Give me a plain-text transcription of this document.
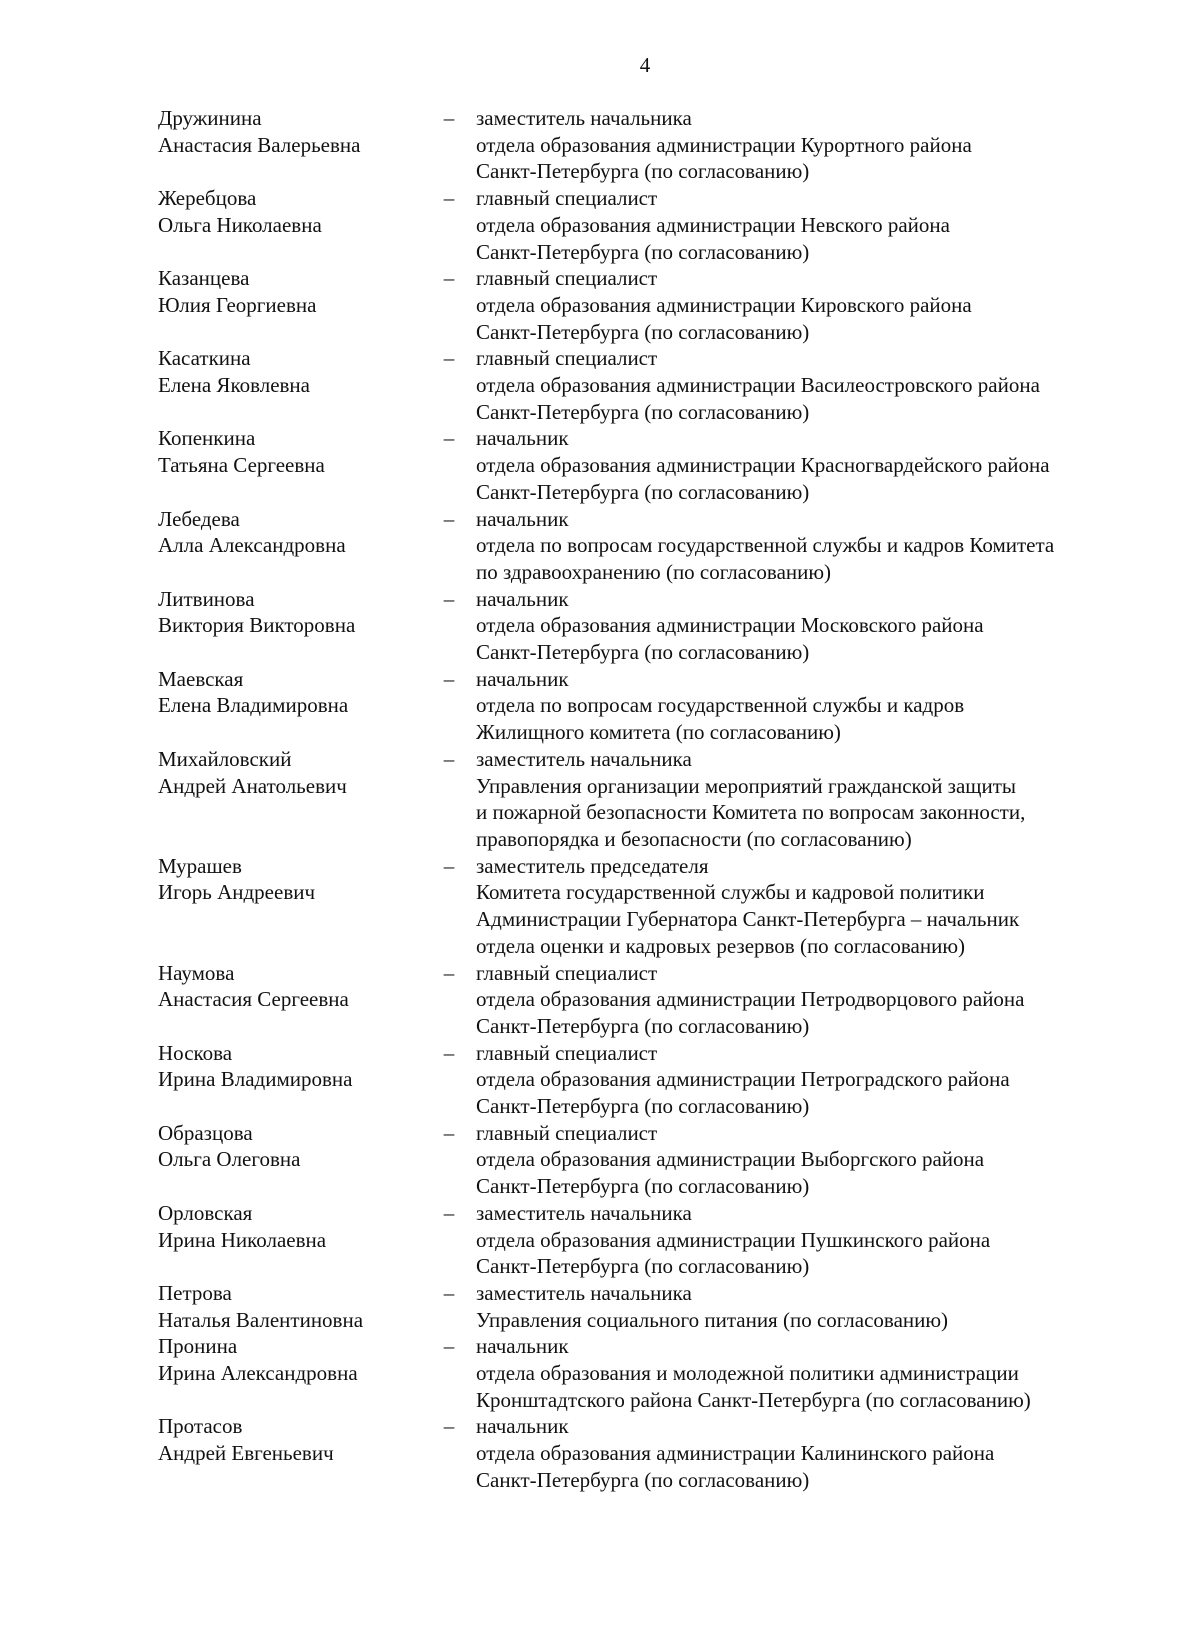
4
Дружинина
Анастасия Валерьевна
– заместитель начальника
отдела образования администрации Курортного района
Санкт-Петербурга (по согласованию)
Жеребцова
Ольга Николаевна
– главный специалист
отдела образования администрации Невского района
Санкт-Петербурга (по согласованию)
Казанцева
Юлия Георгиевна
– главный специалист
отдела образования администрации Кировского района
Санкт-Петербурга (по согласованию)
Касаткина
Елена Яковлевна
– главный специалист
отдела образования администрации Василеостровского района
Санкт-Петербурга (по согласованию)
Копенкина
Татьяна Сергеевна
– начальник
отдела образования администрации Красногвардейского района
Санкт-Петербурга (по согласованию)
Лебедева
Алла Александровна
– начальник
отдела по вопросам государственной службы и кадров Комитета
по здравоохранению (по согласованию)
Литвинова
Виктория Викторовна
– начальник
отдела образования администрации Московского района
Санкт-Петербурга (по согласованию)
Маевская
Елена Владимировна
– начальник
отдела по вопросам государственной службы и кадров
Жилищного комитета (по согласованию)
Михайловский
Андрей Анатольевич
– заместитель начальника
Управления организации мероприятий гражданской защиты
и пожарной безопасности Комитета по вопросам законности,
правопорядка и безопасности (по согласованию)
Мурашев
Игорь Андреевич
– заместитель председателя
Комитета государственной службы и кадровой политики
Администрации Губернатора Санкт-Петербурга – начальник
отдела оценки и кадровых резервов (по согласованию)
Наумова
Анастасия Сергеевна
– главный специалист
отдела образования администрации Петродворцового района
Санкт-Петербурга (по согласованию)
Носкова
Ирина Владимировна
– главный специалист
отдела образования администрации Петроградского района
Санкт-Петербурга (по согласованию)
Образцова
Ольга Олеговна
– главный специалист
отдела образования администрации Выборгского района
Санкт-Петербурга (по согласованию)
Орловская
Ирина Николаевна
– заместитель начальника
отдела образования администрации Пушкинского района
Санкт-Петербурга (по согласованию)
Петрова
Наталья Валентиновна
– заместитель начальника
Управления социального питания (по согласованию)
Пронина
Ирина Александровна
– начальник
отдела образования и молодежной политики администрации
Кронштадтского района Санкт-Петербурга (по согласованию)
Протасов
Андрей Евгеньевич
– начальник
отдела образования администрации Калининского района
Санкт-Петербурга (по согласованию)
